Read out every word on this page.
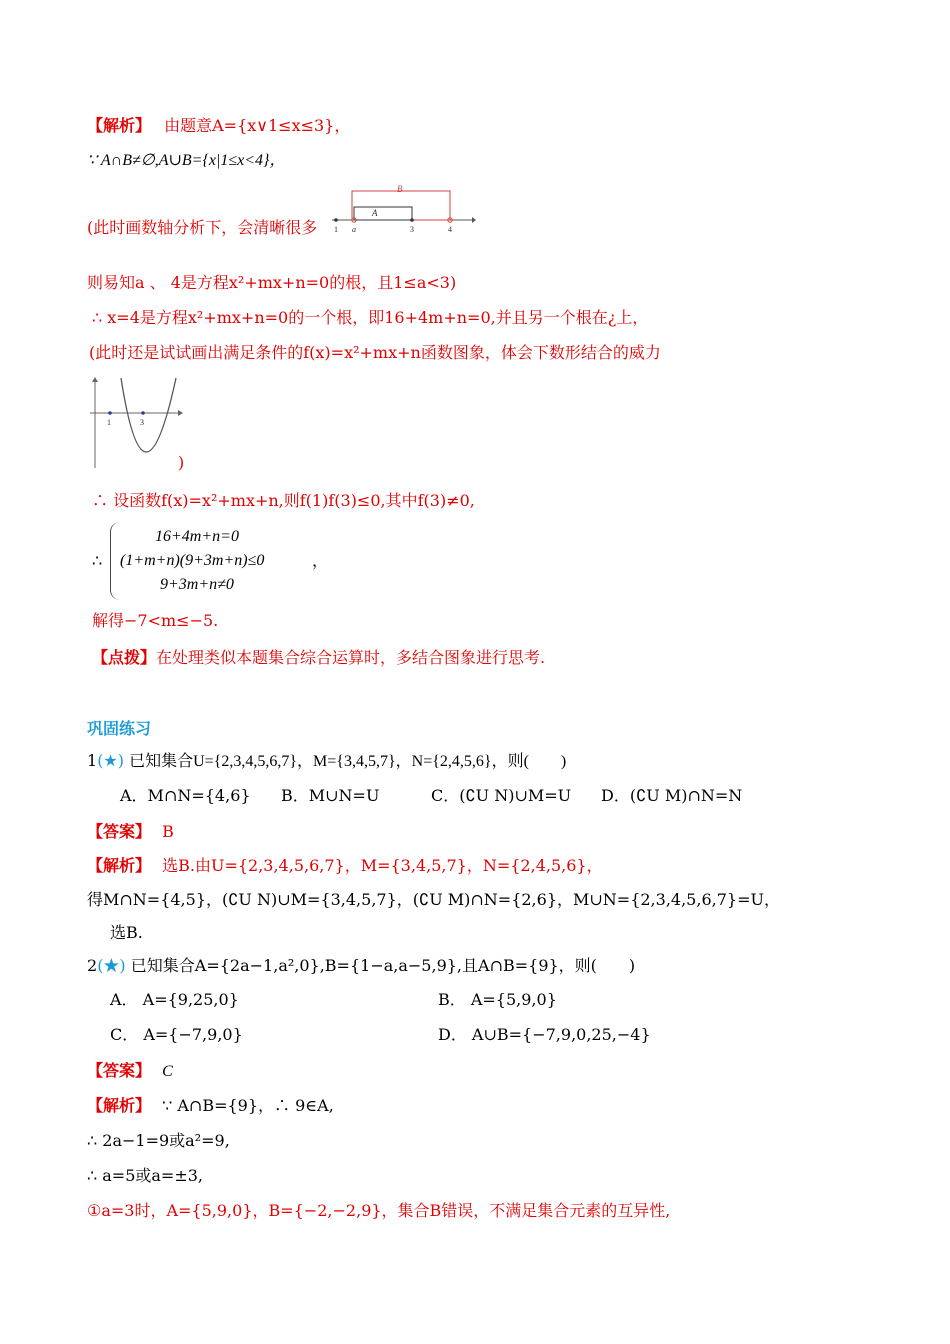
【解析】 由题意A={x∨1≤x≤3}，
∵ A∩B≠∅,A∪B={x|1≤x<4}，
(此时画数轴分析下，会清晰很多
B
A
1 a	3	4
则易知a 、 4是方程x²+mx+n=0的根，且1≤a<3)
∴ x=4是方程x²+mx+n=0的一个根，即16+4m+n=0,并且另一个根在¿上，
(此时还是试试画出满足条件的f(x)=x²+mx+n函数图象，体会下数形结合的威力
1	3
)
∴ 设函数f(x)=x²+mx+n,则f(1)f(3)≤0,其中f(3)≠0,
∴
16+4m+n=0
(1+m+n)(9+3m+n)≤0	，
9+3m+n≠0
解得−7<m≤−5.
【点拨】在处理类似本题集合综合运算时，多结合图象进行思考.
巩固练习
1(★) 已知集合U={2,3,4,5,6,7}，M={3,4,5,7}，N={2,4,5,6}，则(　　)
A．M∩N={4,6} B．M∪N=U	C．(∁U N)∪M=U D．(∁U M)∩N=N
【答案】 B
【解析】 选B.由U={2,3,4,5,6,7}，M={3,4,5,7}，N={2,4,5,6}，
得M∩N={4,5}，(∁U N)∪M={3,4,5,7}，(∁U M)∩N={2,6}，M∪N={2,3,4,5,6,7}=U，
选B.
2(★) 已知集合A={2a−1,a²,0},B={1−a,a−5,9},且A∩B={9}，则(　　)
A． A={9,25,0}	B． A={5,9,0}
C． A={−7,9,0}	D． A∪B={−7,9,0,25,−4}
【答案】 C
【解析】 ∵ A∩B={9}，∴ 9∈A,
∴ 2a−1=9或a²=9,
∴ a=5或a=±3,
①a=3时，A={5,9,0}，B={−2,−2,9}，集合B错误，不满足集合元素的互异性,
